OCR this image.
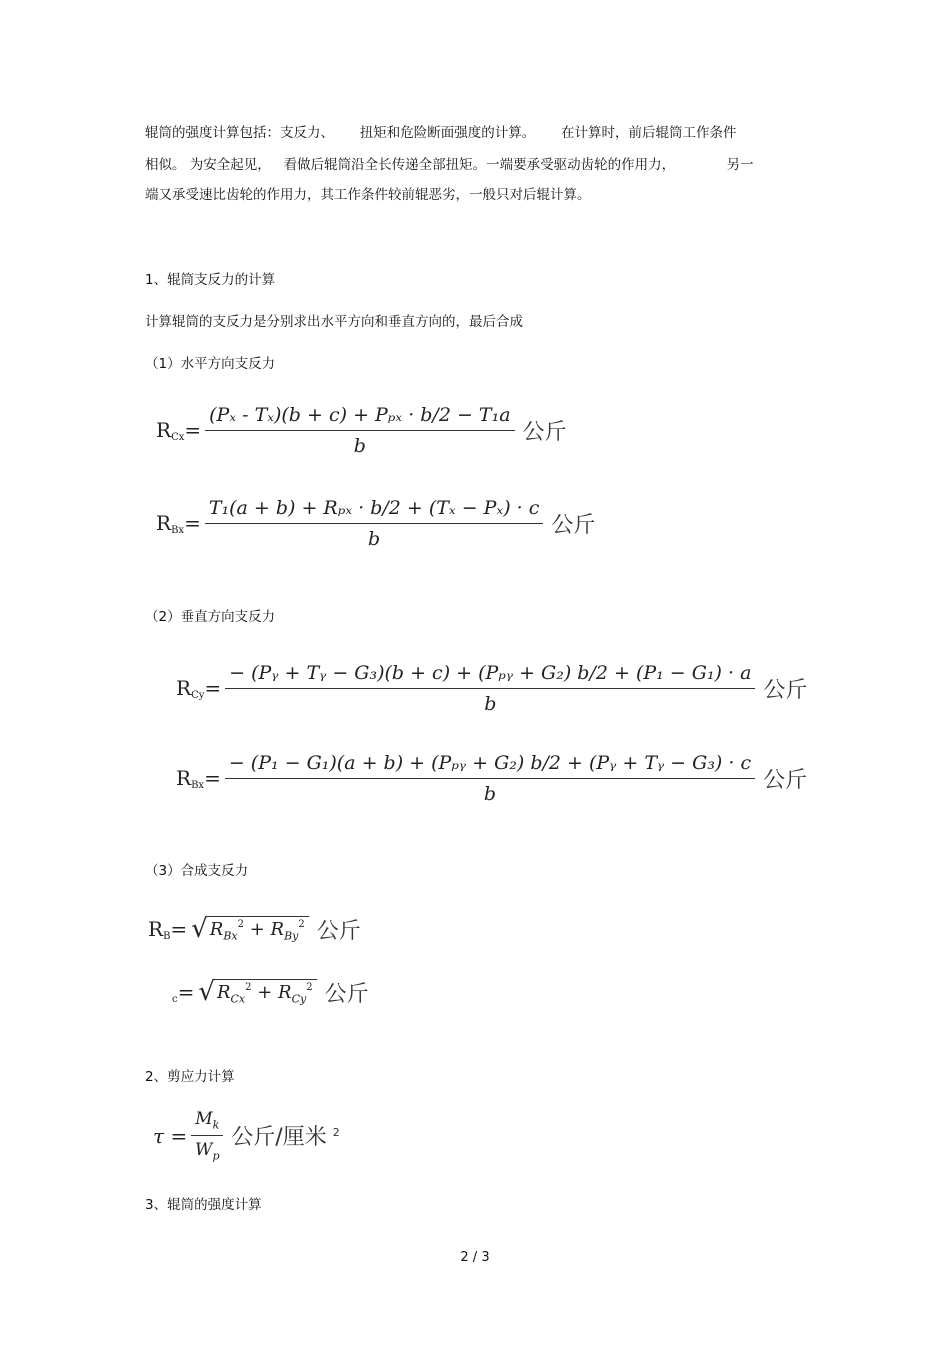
辊筒的强度计算包括：支反力、      扭矩和危险断面强度的计算。      在计算时，前后辊筒工作条件
相似。 为安全起见，   看做后辊筒沿全长传递全部扭矩。一端要承受驱动齿轮的作用力，            另一
端又承受速比齿轮的作用力，其工作条件较前辊恶劣，一般只对后辊计算。
1、辊筒支反力的计算
计算辊筒的支反力是分别求出水平方向和垂直方向的，最后合成
（1）水平方向支反力
$R_{Cx}= \frac{\text{(Pₓ - Tₓ)(b + c) + Pₚₓ · b/2 − T₁a}}{b}$ 公斤
$R_{Bx}= \frac{\text{T₁(a + b) + Rₚₓ · b/2 + (Tₓ − Pₓ) · c}}{b}$ 公斤
（2）垂直方向支反力
$R_{Cy}= \frac{\text{− (Pᵧ + Tᵧ − G₃)(b + c) + (Pₚᵧ + G₂) b/2 + (P₁ − G₁) · a}}{b}$ 公斤
$R_{Bx}= \frac{\text{− (P₁ − G₁)(a + b) + (Pₚᵧ + G₂) b/2 + (Pᵧ + Tᵧ − G₃) · c}}{b}$ 公斤
（3）合成支反力
$R_B=$ √ $R_{Bx}^2 + R_{By}^2$ 公斤
$_c$= √ $R_{Cx}^2 + R_{Cy}^2$ 公斤
2、剪应力计算
$\tau = \frac{M_k}{W_p}$ 公斤/厘米 $^2$
3、辊筒的强度计算
2 / 3
